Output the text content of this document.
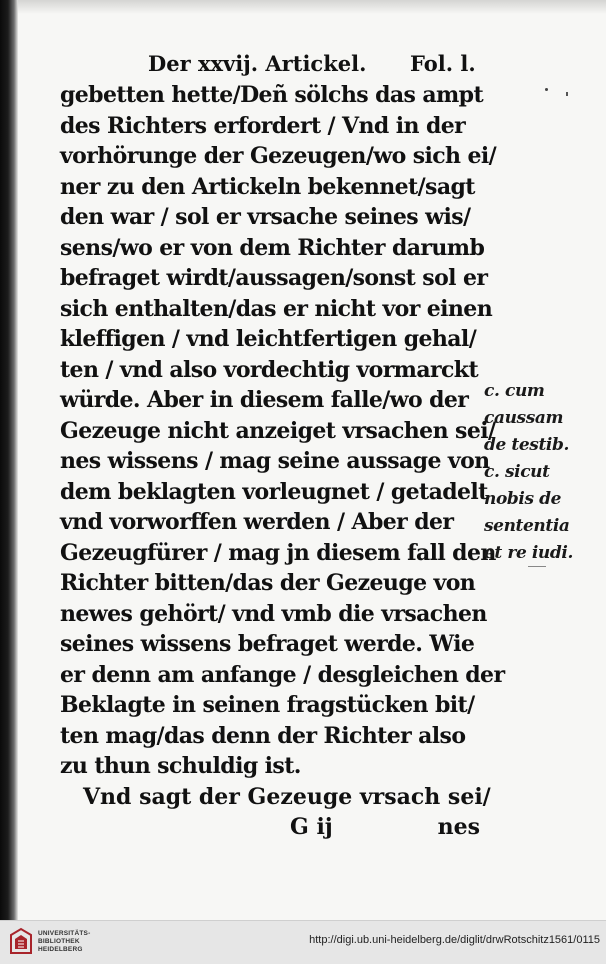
Der xxvij. Artickel. Fol. l.
gebetten hette/Deñ sölchs das ampt
des Richters erfordert / Vnd in der
vorhörunge der Gezeugen/wo sich ei/
ner zu den Artickeln bekennet/sagt
den war / sol er vrsache seines wis/
sens/wo er von dem Richter darumb
befraget wirdt/aussagen/sonst sol er
sich enthalten/das er nicht vor einen
kleffigen / vnd leichtfertigen gehal/
ten / vnd also vordechtig vormarckt
würde. Aber in diesem falle/wo der
Gezeuge nicht anzeiget vrsachen sei/
nes wissens / mag seine aussage von
dem beklagten vorleugnet / getadelt
vnd vorworffen werden / Aber der
Gezeugfürer / mag jn diesem fall den
Richter bitten/das der Gezeuge von
newes gehört/ vnd vmb die vrsachen
seines wissens befraget werde. Wie
er denn am anfange / desgleichen der
Beklagte in seinen fragstücken bit/
ten mag/das denn der Richter also
zu thun schuldig ist.
Vnd sagt der Gezeuge vrsach sei/
G ij	nes
c. cum
caussam
de testib.
c. sicut
nobis de
sententia
et re iudi.
UNIVERSITÄTS-
BIBLIOTHEK
HEIDELBERG
http://digi.ub.uni-heidelberg.de/diglit/drwRotschitz1561/0115
